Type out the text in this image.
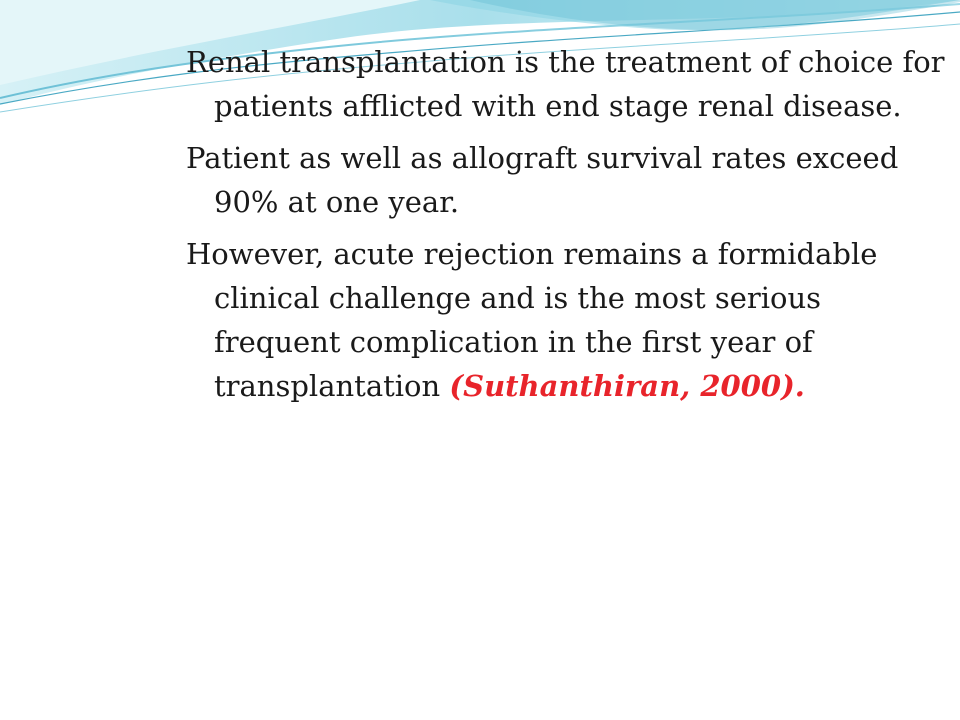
Renal transplantation is the treatment of choice for patients afflicted with end stage renal disease.

Patient as well as allograft survival rates exceed 90% at one year.

However, acute rejection remains a formidable clinical challenge and is the most serious frequent complication in the first year of transplantation (Suthanthiran, 2000).
